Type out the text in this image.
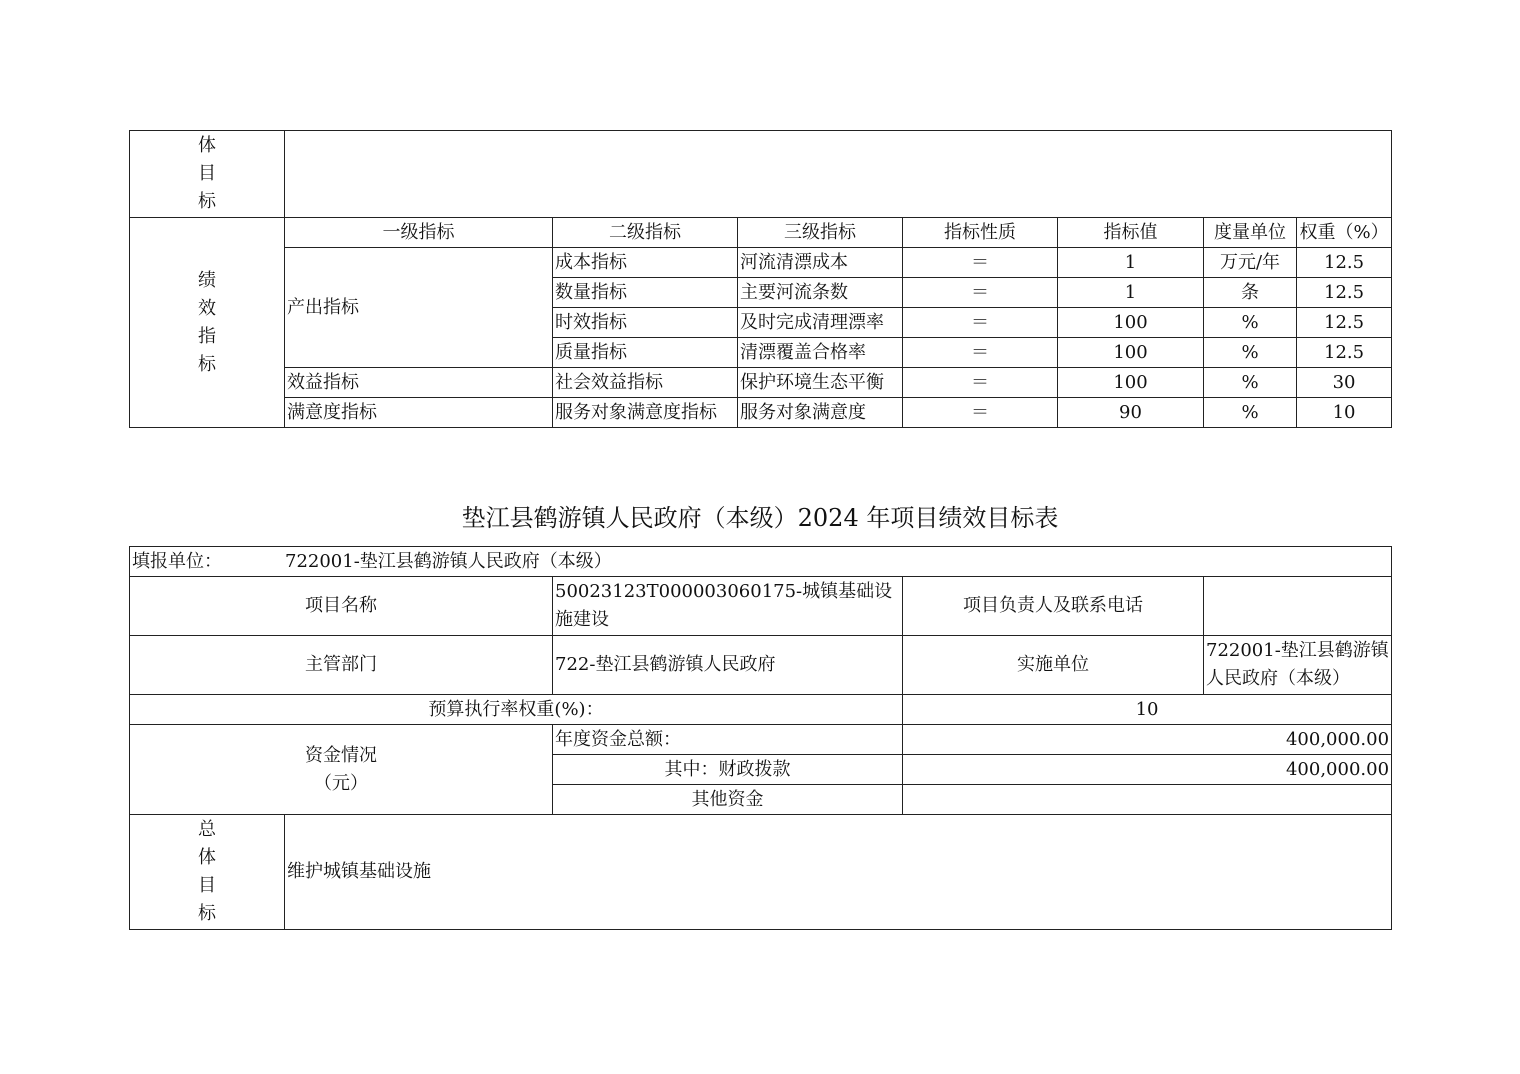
体
目
标							

绩
效
指
标	一级指标	二级指标	三级指标	指标性质	指标值	度量单位	权重（%）
	产出指标	成本指标	河流清漂成本	＝	1	万元/年	12.5
		数量指标	主要河流条数	＝	1	条	12.5
		时效指标	及时完成清理漂率	＝	100	%	12.5
		质量指标	清漂覆盖合格率	＝	100	%	12.5
	效益指标	社会效益指标	保护环境生态平衡	＝	100	%	30
	满意度指标	服务对象满意度指标	服务对象满意度	＝	90	%	10
垫江县鹤游镇人民政府（本级）2024 年项目绩效目标表
填报单位： 722001-垫江县鹤游镇人民政府（本级）				
项目名称		50023123T000003060175-城镇基础设施建设	项目负责人及联系电话	
主管部门		722-垫江县鹤游镇人民政府	实施单位	722001-垫江县鹤游镇人民政府（本级）
预算执行率权重(%)：			10	

资金情况
（元）		年度资金总额：	400,000.00	
		其中：财政拨款	400,000.00	
		其他资金		

总
体
目
标	维护城镇基础设施			
